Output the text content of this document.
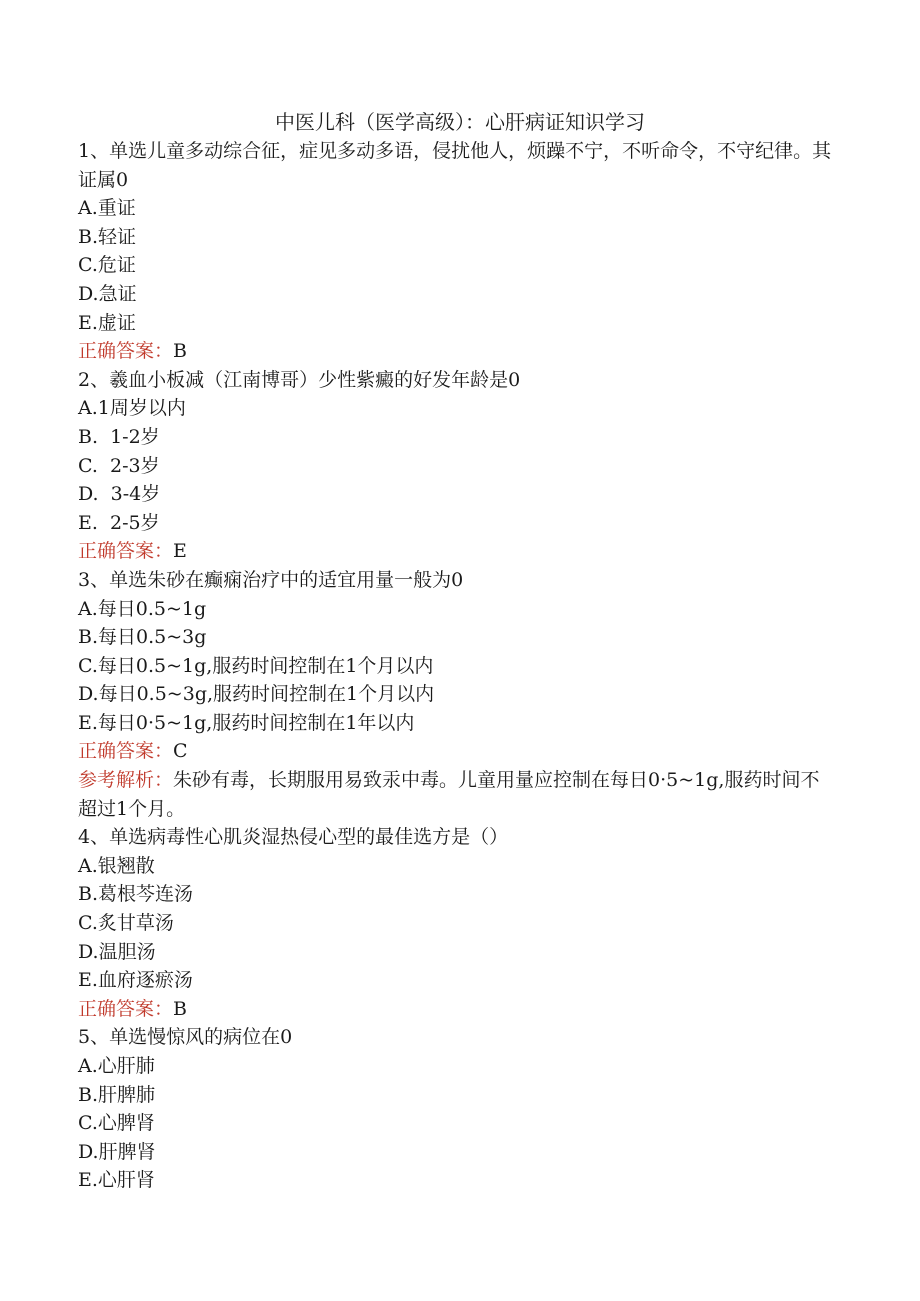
中医儿科（医学高级）：心肝病证知识学习
1、单选儿童多动综合征，症见多动多语，侵扰他人，烦躁不宁，不听命令，不守纪律。其证属0
A.重证
B.轻证
C.危证
D.急证
E.虚证
正确答案：B
2、羲血小板减（江南博哥）少性紫癜的好发年龄是0
A.1周岁以内
B.  1-2岁
C.  2-3岁
D.  3-4岁
E.  2-5岁
正确答案：E
3、单选朱砂在癫痫治疗中的适宜用量一般为0
A.每日0.5~1g
B.每日0.5~3g
C.每日0.5~1g,服药时间控制在1个月以内
D.每日0.5~3g,服药时间控制在1个月以内
E.每日0·5~1g,服药时间控制在1年以内
正确答案：C
参考解析：朱砂有毒，长期服用易致汞中毒。儿童用量应控制在每日0·5~1g,服药时间不超过1个月。
4、单选病毒性心肌炎湿热侵心型的最佳选方是（）
A.银翘散
B.葛根芩连汤
C.炙甘草汤
D.温胆汤
E.血府逐瘀汤
正确答案：B
5、单选慢惊风的病位在0
A.心肝肺
B.肝脾肺
C.心脾肾
D.肝脾肾
E.心肝肾
